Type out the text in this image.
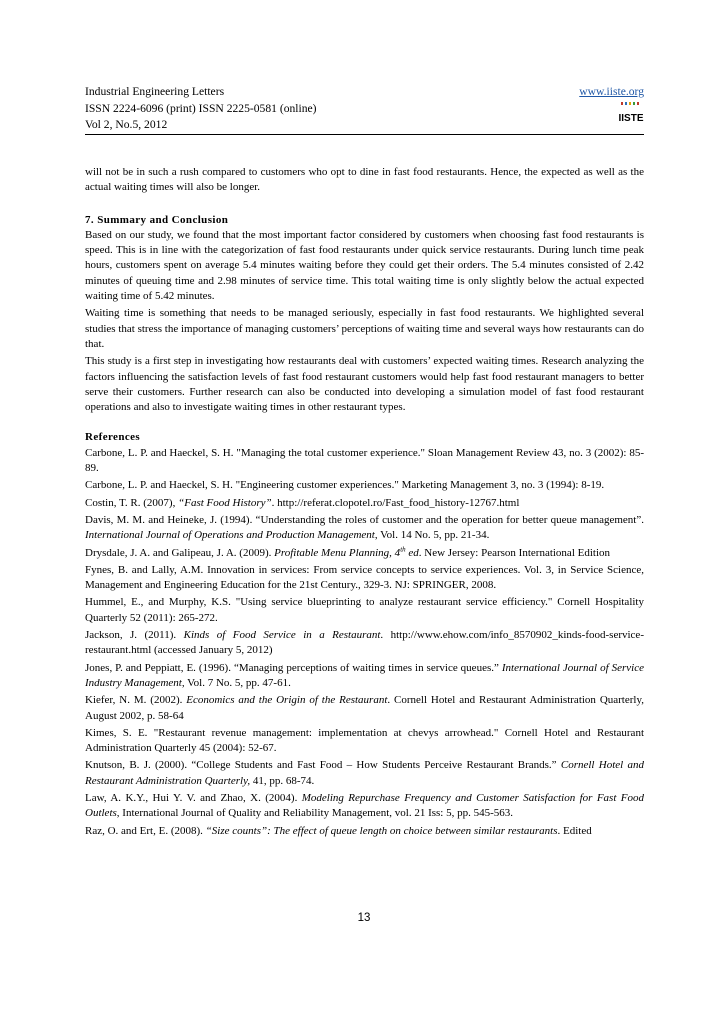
Industrial Engineering Letters	www.iiste.org
ISSN 2224-6096 (print) ISSN 2225-0581 (online)
Vol 2, No.5, 2012	IISTE

will not be in such a rush compared to customers who opt to dine in fast food restaurants. Hence, the expected as well as the actual waiting times will also be longer.

7. Summary and Conclusion

Based on our study, we found that the most important factor considered by customers when choosing fast food restaurants is speed. This is in line with the categorization of fast food restaurants under quick service restaurants. During lunch time peak hours, customers spent on average 5.4 minutes waiting before they could get their orders. The 5.4 minutes consisted of 2.42 minutes of queuing time and 2.98 minutes of service time. This total waiting time is only slightly below the actual expected waiting time of 5.42 minutes.

Waiting time is something that needs to be managed seriously, especially in fast food restaurants. We highlighted several studies that stress the importance of managing customers’ perceptions of waiting time and several ways how restaurants can do that.

This study is a first step in investigating how restaurants deal with customers’ expected waiting times. Research analyzing the factors influencing the satisfaction levels of fast food restaurant customers would help fast food restaurant managers to better serve their customers. Further research can also be conducted into developing a simulation model of fast food restaurant operations and also to investigate waiting times in other restaurant types.

References

Carbone, L. P. and Haeckel, S. H. "Managing the total customer experience." Sloan Management Review 43, no. 3 (2002): 85-89.

Carbone, L. P. and Haeckel, S. H. "Engineering customer experiences." Marketing Management 3, no. 3 (1994): 8-19.

Costin, T. R. (2007), “Fast Food History”. http://referat.clopotel.ro/Fast_food_history-12767.html

Davis, M. M. and Heineke, J. (1994). “Understanding the roles of customer and the operation for better queue management”. International Journal of Operations and Production Management, Vol. 14 No. 5, pp. 21-34.

Drysdale, J. A. and Galipeau, J. A. (2009). Profitable Menu Planning, 4th ed. New Jersey: Pearson International Edition

Fynes, B. and Lally, A.M. Innovation in services: From service concepts to service experiences. Vol. 3, in Service Science, Management and Engineering Education for the 21st Century., 329-3. NJ: SPRINGER, 2008.

Hummel, E., and Murphy, K.S. "Using service blueprinting to analyze restaurant service efficiency." Cornell Hospitality Quarterly 52 (2011): 265-272.

Jackson, J. (2011). Kinds of Food Service in a Restaurant. http://www.ehow.com/info_8570902_kinds-food-service-restaurant.html (accessed January 5, 2012)

Jones, P. and Peppiatt, E. (1996). “Managing perceptions of waiting times in service queues.” International Journal of Service Industry Management, Vol. 7 No. 5, pp. 47-61.

Kiefer, N. M. (2002). Economics and the Origin of the Restaurant. Cornell Hotel and Restaurant Administration Quarterly, August 2002, p. 58-64

Kimes, S. E. "Restaurant revenue management: implementation at chevys arrowhead." Cornell Hotel and Restaurant Administration Quarterly 45 (2004): 52-67.

Knutson, B. J. (2000). “College Students and Fast Food – How Students Perceive Restaurant Brands.” Cornell Hotel and Restaurant Administration Quarterly, 41, pp. 68-74.

Law, A. K.Y., Hui Y. V. and Zhao, X. (2004). Modeling Repurchase Frequency and Customer Satisfaction for Fast Food Outlets, International Journal of Quality and Reliability Management, vol. 21 Iss: 5, pp. 545-563.

Raz, O. and Ert, E. (2008). “Size counts”: The effect of queue length on choice between similar restaurants. Edited

13
